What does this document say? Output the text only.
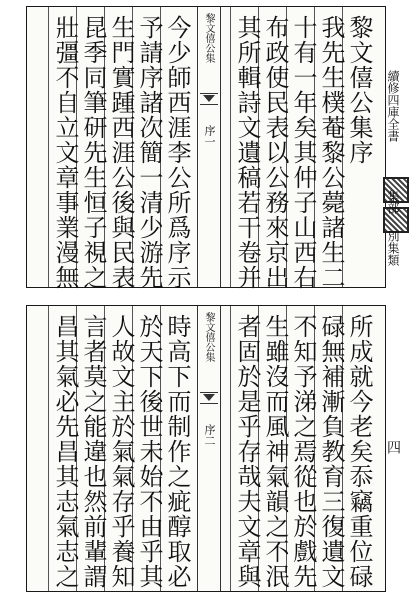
黎文僖公集序
我先生樸菴黎公薨諸生二
十有一年矣其仲子山西右
布政使民表以公務來京出
其所輯詩文遺稿若干卷并
今少師西涯李公所爲序示
予請序諸次簡一清少游先
生門實踵西涯公後與民表
昆季同筆研先生恒子視之
壯彊不自立文章事業漫無	黎文僖公集
序一
所成就今老矣忝竊重位碌
碌無補漸負教育三復遺文
不知予涕之焉從也於戲先
生雖沒而風神氣韻之不泯
者固於是乎存哉夫文章與
時高下而制作之疵醇取必
於天下後世未始不由乎其
人故文主於氣氣存乎養知
言者莫之能違也然前輩謂
昌其氣必先昌其志氣志之	黎文僖公集
序二
續修四庫全書
集部
別集類
四
